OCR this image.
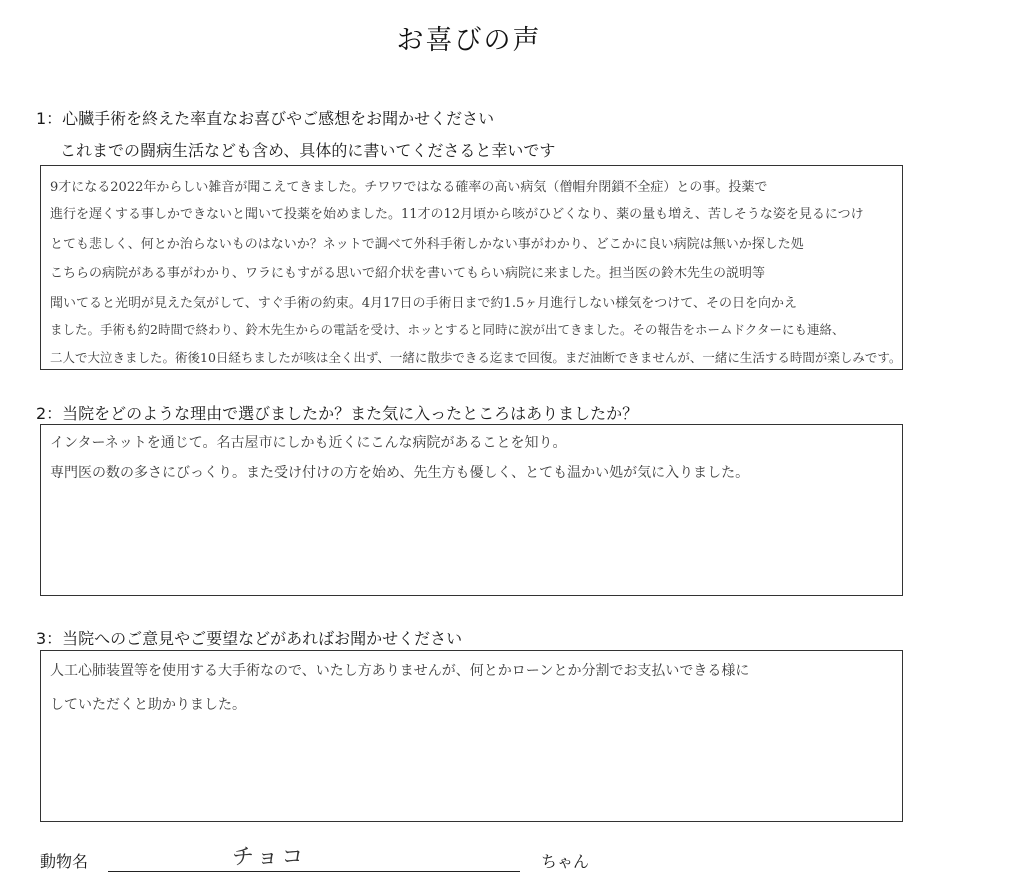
お喜びの声
1：心臓手術を終えた率直なお喜びやご感想をお聞かせください
これまでの闘病生活なども含め、具体的に書いてくださると幸いです
9才になる2022年からしい雑音が聞こえてきました。チワワではなる確率の高い病気（僧帽弁閉鎖不全症）との事。投薬で
進行を遅くする事しかできないと聞いて投薬を始めました。11才の12月頃から咳がひどくなり、薬の量も増え、苦しそうな姿を見るにつけ
とても悲しく、何とか治らないものはないか？ネットで調べて外科手術しかない事がわかり、どこかに良い病院は無いか探した処
こちらの病院がある事がわかり、ワラにもすがる思いで紹介状を書いてもらい病院に来ました。担当医の鈴木先生の説明等
聞いてると光明が見えた気がして、すぐ手術の約束。4月17日の手術日まで約1.5ヶ月進行しない様気をつけて、その日を向かえ
ました。手術も約2時間で終わり、鈴木先生からの電話を受け、ホッとすると同時に涙が出てきました。その報告をホームドクターにも連絡、
二人で大泣きました。術後10日経ちましたが咳は全く出ず、一緒に散歩できる迄まで回復。まだ油断できませんが、一緒に生活する時間が楽しみです。
2：当院をどのような理由で選びましたか？また気に入ったところはありましたか？
インターネットを通じて。名古屋市にしかも近くにこんな病院があることを知り。
専門医の数の多さにびっくり。また受け付けの方を始め、先生方も優しく、とても温かい処が気に入りました。
3：当院へのご意見やご要望などがあればお聞かせください
人工心肺装置等を使用する大手術なので、いたし方ありませんが、何とかローンとか分割でお支払いできる様に
していただくと助かりました。
動物名	チョコ	ちゃん
